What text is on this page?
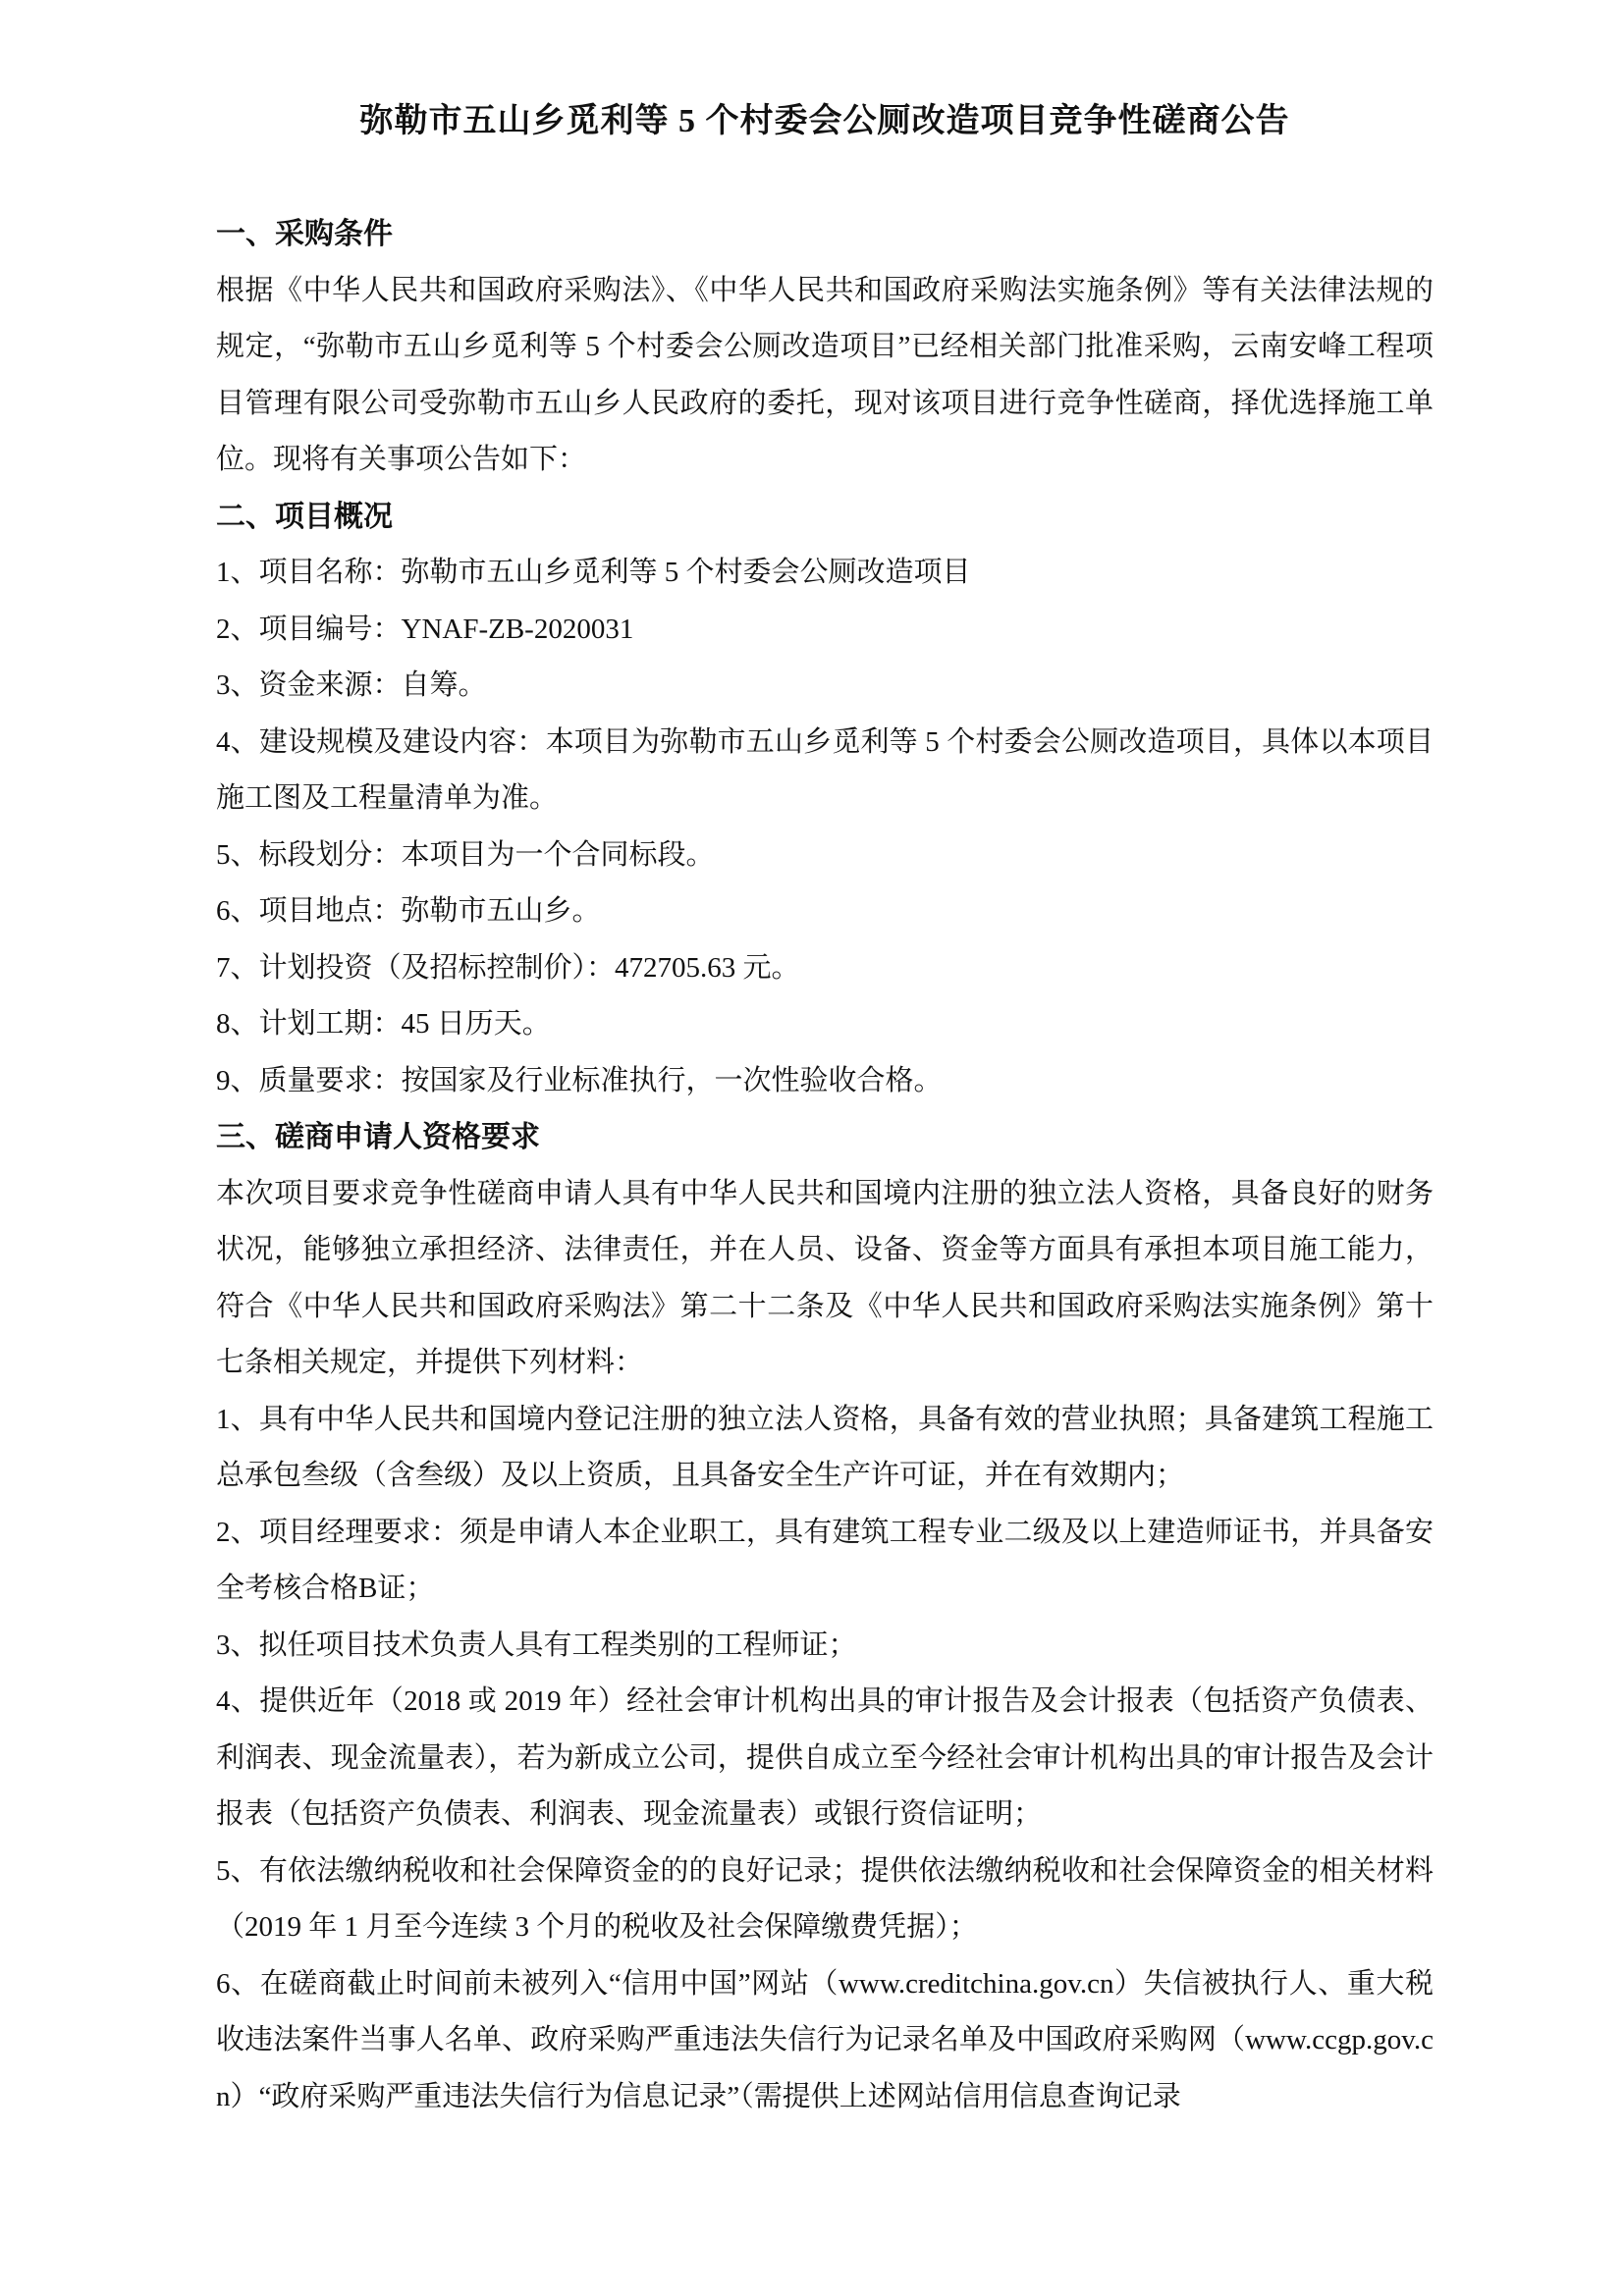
弥勒市五山乡觅利等 5 个村委会公厕改造项目竞争性磋商公告
一、采购条件

根据《中华人民共和国政府采购法》、《中华人民共和国政府采购法实施条例》等有关法律法规的规定，“弥勒市五山乡觅利等 5 个村委会公厕改造项目”已经相关部门批准采购，云南安峰工程项目管理有限公司受弥勒市五山乡人民政府的委托，现对该项目进行竞争性磋商，择优选择施工单位。现将有关事项公告如下：

二、项目概况

1、项目名称：弥勒市五山乡觅利等 5 个村委会公厕改造项目

2、项目编号：YNAF-ZB-2020031

3、资金来源：自筹。

4、建设规模及建设内容：本项目为弥勒市五山乡觅利等 5 个村委会公厕改造项目，具体以本项目施工图及工程量清单为准。

5、标段划分：本项目为一个合同标段。

6、项目地点：弥勒市五山乡。

7、计划投资（及招标控制价）：472705.63 元。

8、计划工期：45 日历天。

9、质量要求：按国家及行业标准执行，一次性验收合格。

三、磋商申请人资格要求

本次项目要求竞争性磋商申请人具有中华人民共和国境内注册的独立法人资格，具备良好的财务状况，能够独立承担经济、法律责任，并在人员、设备、资金等方面具有承担本项目施工能力，符合《中华人民共和国政府采购法》第二十二条及《中华人民共和国政府采购法实施条例》第十七条相关规定，并提供下列材料：

1、具有中华人民共和国境内登记注册的独立法人资格，具备有效的营业执照；具备建筑工程施工总承包叁级（含叁级）及以上资质，且具备安全生产许可证，并在有效期内；

2、项目经理要求：须是申请人本企业职工，具有建筑工程专业二级及以上建造师证书，并具备安全考核合格B证；

3、拟任项目技术负责人具有工程类别的工程师证；

4、提供近年（2018 或 2019 年）经社会审计机构出具的审计报告及会计报表（包括资产负债表、利润表、现金流量表），若为新成立公司，提供自成立至今经社会审计机构出具的审计报告及会计报表（包括资产负债表、利润表、现金流量表）或银行资信证明；

5、有依法缴纳税收和社会保障资金的的良好记录；提供依法缴纳税收和社会保障资金的相关材料（2019 年 1 月至今连续 3 个月的税收及社会保障缴费凭据）；

6、在磋商截止时间前未被列入“信用中国”网站（www.creditchina.gov.cn）失信被执行人、重大税收违法案件当事人名单、政府采购严重违法失信行为记录名单及中国政府采购网（www.ccgp.gov.cn）“政府采购严重违法失信行为信息记录”（需提供上述网站信用信息查询记录
